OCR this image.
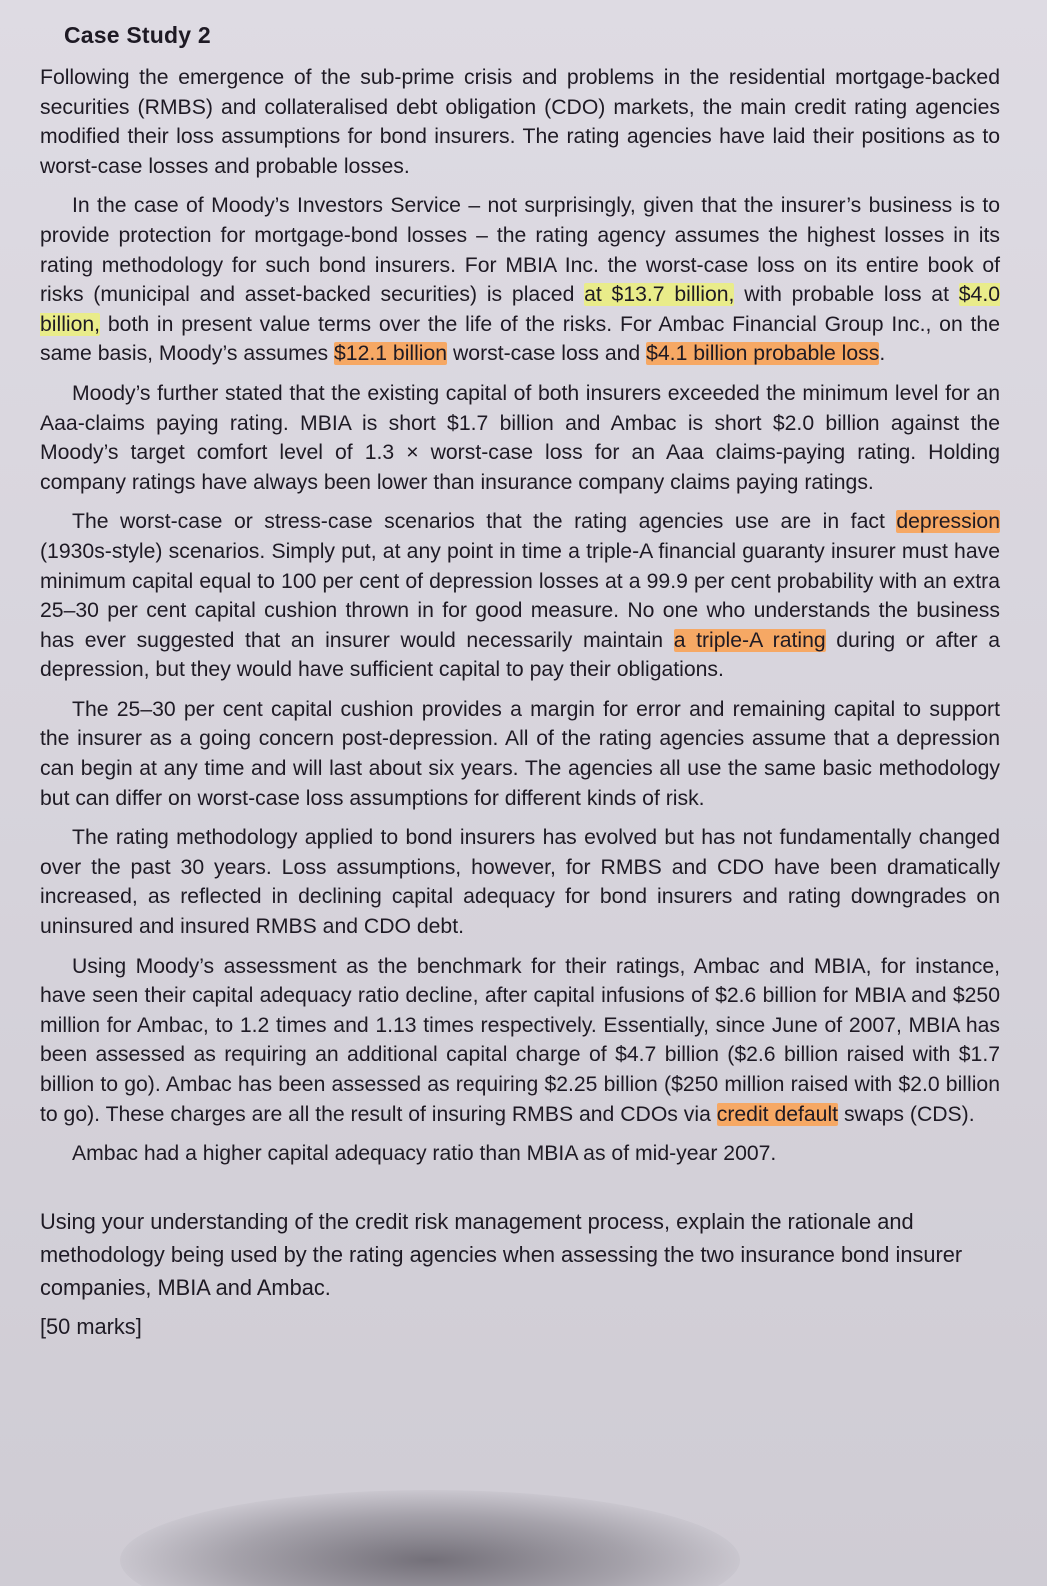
Case Study 2

Following the emergence of the sub-prime crisis and problems in the residential mortgage-backed securities (RMBS) and collateralised debt obligation (CDO) markets, the main credit rating agencies modified their loss assumptions for bond insurers. The rating agencies have laid their positions as to worst-case losses and probable losses.

In the case of Moody’s Investors Service – not surprisingly, given that the insurer’s business is to provide protection for mortgage-bond losses – the rating agency assumes the highest losses in its rating methodology for such bond insurers. For MBIA Inc. the worst-case loss on its entire book of risks (municipal and asset-backed securities) is placed at $13.7 billion, with probable loss at $4.0 billion, both in present value terms over the life of the risks. For Ambac Financial Group Inc., on the same basis, Moody’s assumes $12.1 billion worst-case loss and $4.1 billion probable loss.

Moody’s further stated that the existing capital of both insurers exceeded the minimum level for an Aaa-claims paying rating. MBIA is short $1.7 billion and Ambac is short $2.0 billion against the Moody’s target comfort level of 1.3 × worst-case loss for an Aaa claims-paying rating. Holding company ratings have always been lower than insurance company claims paying ratings.

The worst-case or stress-case scenarios that the rating agencies use are in fact depression (1930s-style) scenarios. Simply put, at any point in time a triple-A financial guaranty insurer must have minimum capital equal to 100 per cent of depression losses at a 99.9 per cent probability with an extra 25–30 per cent capital cushion thrown in for good measure. No one who understands the business has ever suggested that an insurer would necessarily maintain a triple-A rating during or after a depression, but they would have sufficient capital to pay their obligations.

The 25–30 per cent capital cushion provides a margin for error and remaining capital to support the insurer as a going concern post-depression. All of the rating agencies assume that a depression can begin at any time and will last about six years. The agencies all use the same basic methodology but can differ on worst-case loss assumptions for different kinds of risk.

The rating methodology applied to bond insurers has evolved but has not fundamentally changed over the past 30 years. Loss assumptions, however, for RMBS and CDO have been dramatically increased, as reflected in declining capital adequacy for bond insurers and rating downgrades on uninsured and insured RMBS and CDO debt.

Using Moody’s assessment as the benchmark for their ratings, Ambac and MBIA, for instance, have seen their capital adequacy ratio decline, after capital infusions of $2.6 billion for MBIA and $250 million for Ambac, to 1.2 times and 1.13 times respectively. Essentially, since June of 2007, MBIA has been assessed as requiring an additional capital charge of $4.7 billion ($2.6 billion raised with $1.7 billion to go). Ambac has been assessed as requiring $2.25 billion ($250 million raised with $2.0 billion to go). These charges are all the result of insuring RMBS and CDOs via credit default swaps (CDS).

Ambac had a higher capital adequacy ratio than MBIA as of mid-year 2007.

Using your understanding of the credit risk management process, explain the rationale and methodology being used by the rating agencies when assessing the two insurance bond insurer companies, MBIA and Ambac.

[50 marks]
